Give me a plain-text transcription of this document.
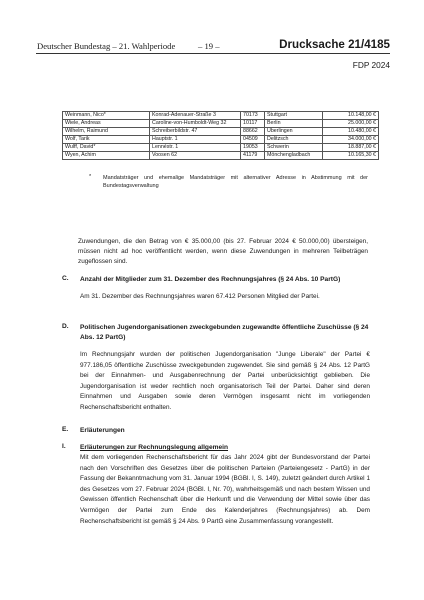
Deutscher Bundestag – 21. Wahlperiode	– 19 –	Drucksache 21/4185
FDP 2024
Weinmann, Nico*	Konrad-Adenauer-Straße 3	70173	Stuttgart	10.148,00 €
Wiele, Andreas	Caroline-von-Humboldt-Weg 32	10117	Berlin	25.000,00 €
Wilhelm, Raimund	Schreiberbildstr. 47	88662	Überlingen	10.480,00 €
Wolf, Tarik	Hauptstr. 1	04509	Delitzsch	34.000,00 €
Wulff, David*	Lennéstr. 1	19053	Schwerin	18.887,00 €
Wyen, Achim	Voosen 62	41179	Mönchengladbach	10.165,30 €
* Mandatsträger und ehemalige Mandatsträger mit alternativer Adresse in Abstimmung mit der Bundestagsverwaltung
Zuwendungen, die den Betrag von € 35.000,00 (bis 27. Februar 2024 € 50.000,00) übersteigen, müssen nicht ad hoc veröffentlicht werden, wenn diese Zuwendungen in mehreren Teilbeträgen zugeflossen sind.
C. Anzahl der Mitglieder zum 31. Dezember des Rechnungsjahres (§ 24 Abs. 10 PartG)
Am 31. Dezember des Rechnungsjahres waren 67.412 Personen Mitglied der Partei.
D. Politischen Jugendorganisationen zweckgebunden zugewandte öffentliche Zuschüsse (§ 24 Abs. 12 PartG)
Im Rechnungsjahr wurden der politischen Jugendorganisation "Junge Liberale" der Partei € 977.186,05 öffentliche Zuschüsse zweckgebunden zugewendet. Sie sind gemäß § 24 Abs. 12 PartG bei der Einnahmen- und Ausgabenrechnung der Partei unberücksichtigt geblieben. Die Jugendorganisation ist weder rechtlich noch organisatorisch Teil der Partei. Daher sind deren Einnahmen und Ausgaben sowie deren Vermögen insgesamt nicht im vorliegenden Rechenschaftsbericht enthalten.
E. Erläuterungen
I. Erläuterungen zur Rechnungslegung allgemein
Mit dem vorliegenden Rechenschaftsbericht für das Jahr 2024 gibt der Bundesvorstand der Partei nach den Vorschriften des Gesetzes über die politischen Parteien (Parteiengesetz - PartG) in der Fassung der Bekanntmachung vom 31. Januar 1994 (BGBl. I, S. 149), zuletzt geändert durch Artikel 1 des Gesetzes vom 27. Februar 2024 (BGBl. I, Nr. 70), wahrheitsgemäß und nach bestem Wissen und Gewissen öffentlich Rechenschaft über die Herkunft und die Verwendung der Mittel sowie über das Vermögen der Partei zum Ende des Kalenderjahres (Rechnungsjahres) ab. Dem Rechenschaftsbericht ist gemäß § 24 Abs. 9 PartG eine Zusammenfassung vorangestellt.
